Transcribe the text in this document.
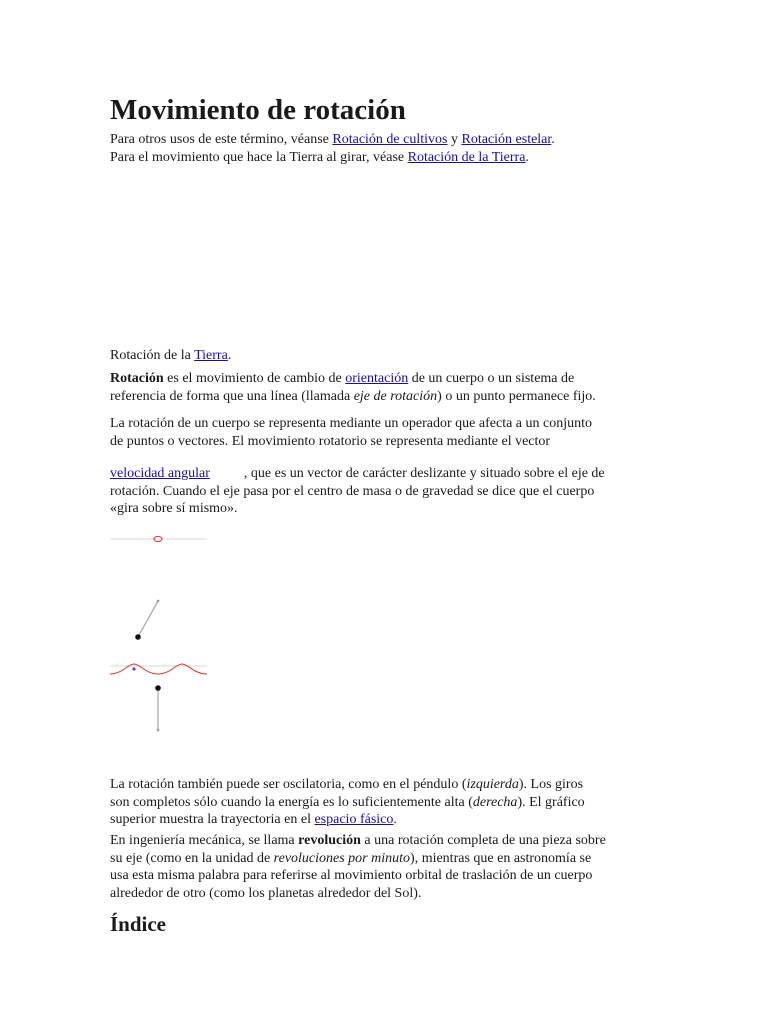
Movimiento de rotación

Para otros usos de este término, véanse Rotación de cultivos y Rotación estelar.
Para el movimiento que hace la Tierra al girar, véase Rotación de la Tierra.

Rotación de la Tierra.

Rotación es el movimiento de cambio de orientación de un cuerpo o un sistema de
referencia de forma que una línea (llamada eje de rotación) o un punto permanece fijo.

La rotación de un cuerpo se representa mediante un operador que afecta a un conjunto
de puntos o vectores. El movimiento rotatorio se representa mediante el vector

velocidad angular , que es un vector de carácter deslizante y situado sobre el eje de
rotación. Cuando el eje pasa por el centro de masa o de gravedad se dice que el cuerpo
«gira sobre sí mismo».

La rotación también puede ser oscilatoria, como en el péndulo (izquierda). Los giros
son completos sólo cuando la energía es lo suficientemente alta (derecha). El gráfico
superior muestra la trayectoria en el espacio fásico.

En ingeniería mecánica, se llama revolución a una rotación completa de una pieza sobre
su eje (como en la unidad de revoluciones por minuto), mientras que en astronomía se
usa esta misma palabra para referirse al movimiento orbital de traslación de un cuerpo
alrededor de otro (como los planetas alrededor del Sol).

Índice
